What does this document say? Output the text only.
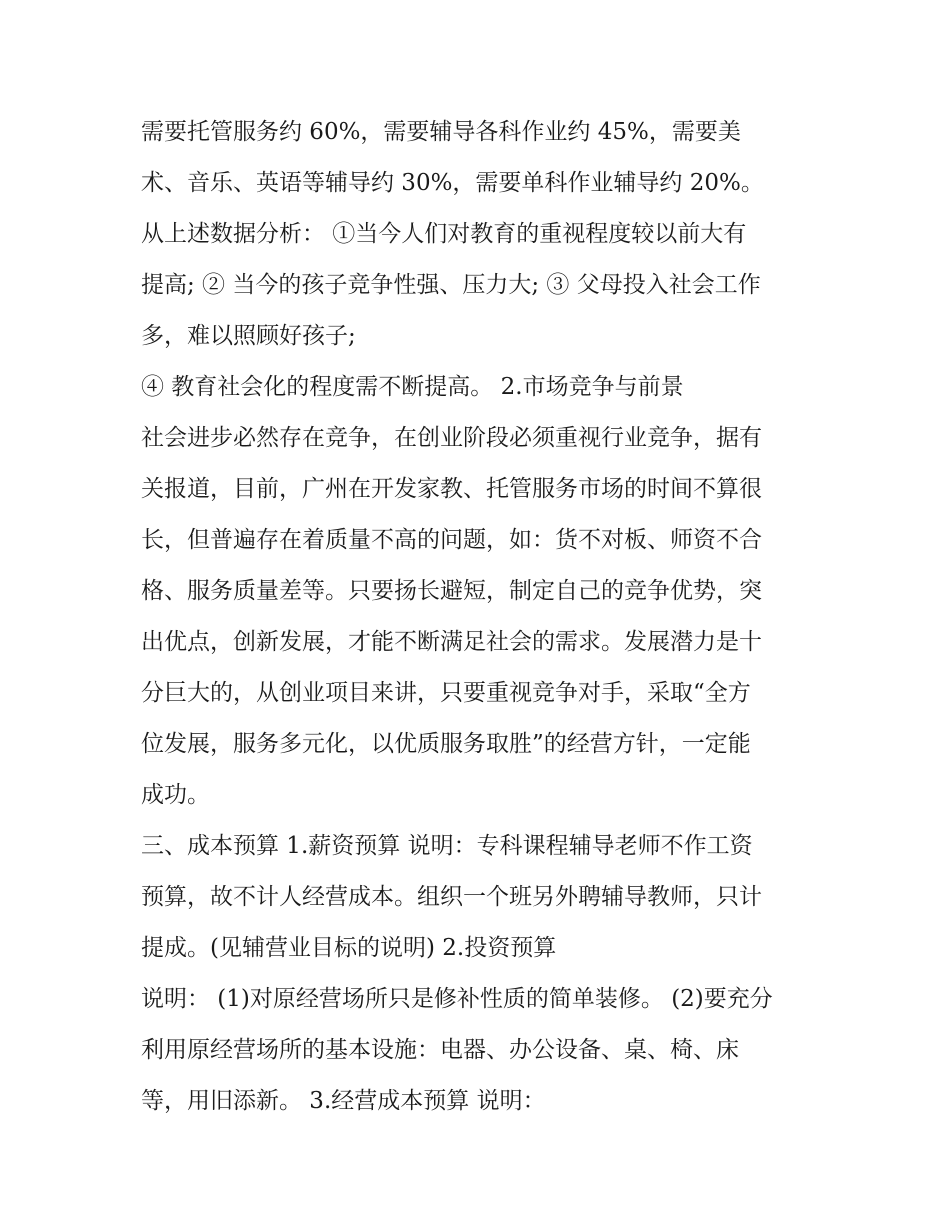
需要托管服务约 60%，需要辅导各科作业约 45%，需要美
术、音乐、英语等辅导约 30%，需要单科作业辅导约 20%。
从上述数据分析： ①当今人们对教育的重视程度较以前大有
提高; ② 当今的孩子竞争性强、压力大; ③ 父母投入社会工作
多，难以照顾好孩子;
④ 教育社会化的程度需不断提高。 2.市场竞争与前景
社会进步必然存在竞争，在创业阶段必须重视行业竞争，据有
关报道，目前，广州在开发家教、托管服务市场的时间不算很
长，但普遍存在着质量不高的问题，如：货不对板、师资不合
格、服务质量差等。只要扬长避短，制定自己的竞争优势，突
出优点，创新发展，才能不断满足社会的需求。发展潜力是十
分巨大的，从创业项目来讲，只要重视竞争对手，采取“全方
位发展，服务多元化，以优质服务取胜”的经营方针，一定能
成功。
三、成本预算 1.薪资预算 说明：专科课程辅导老师不作工资
预算，故不计人经营成本。组织一个班另外聘辅导教师，只计
提成。(见辅营业目标的说明) 2.投资预算
说明： (1)对原经营场所只是修补性质的简单装修。 (2)要充分
利用原经营场所的基本设施：电器、办公设备、桌、椅、床
等，用旧添新。 3.经营成本预算 说明：
